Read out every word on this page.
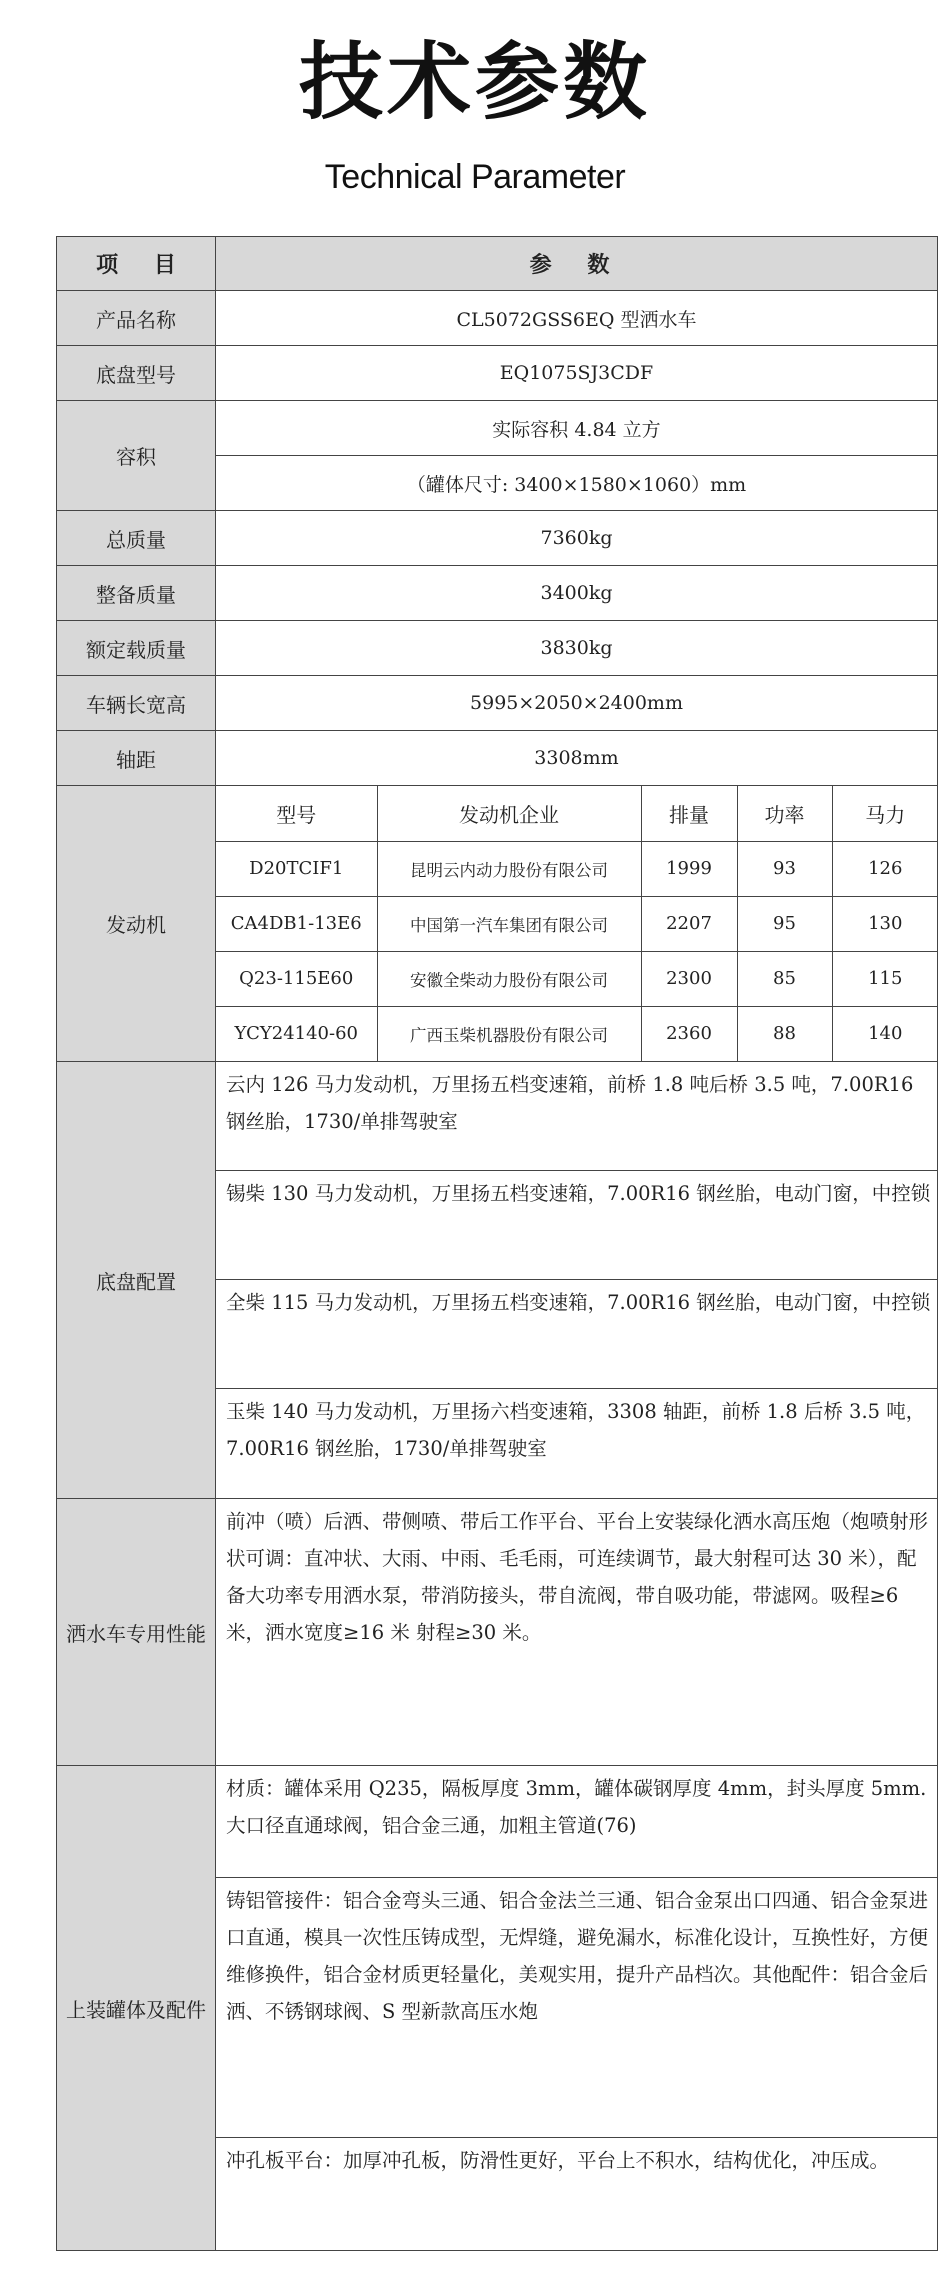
技术参数
Technical Parameter
项 目	参 数
产品名称	CL5072GSS6EQ 型洒水车
底盘型号	EQ1075SJ3CDF
容积	实际容积 4.84 立方
（罐体尺寸: 3400×1580×1060）mm
总质量	7360kg
整备质量	3400kg
额定载质量	3830kg
车辆长宽高	5995×2050×2400mm
轴距	3308mm
发动机	
型号	发动机企业	排量	功率	马力
D20TCIF1	昆明云内动力股份有限公司	1999	93	126
CA4DB1-13E6	中国第一汽车集团有限公司	2207	95	130
Q23-115E60	安徽全柴动力股份有限公司	2300	85	115
YCY24140-60	广西玉柴机器股份有限公司	2360	88	140

底盘配置	云内 126 马力发动机，万里扬五档变速箱，前桥 1.8 吨后桥 3.5 吨，7.00R16 钢丝胎，1730/单排驾驶室
锡柴 130 马力发动机，万里扬五档变速箱，7.00R16 钢丝胎，电动门窗，中控锁
全柴 115 马力发动机，万里扬五档变速箱，7.00R16 钢丝胎，电动门窗，中控锁
玉柴 140 马力发动机，万里扬六档变速箱，3308 轴距，前桥 1.8 后桥 3.5 吨，7.00R16 钢丝胎，1730/单排驾驶室
洒水车专用性能	前冲（喷）后洒、带侧喷、带后工作平台、平台上安装绿化洒水高压炮（炮喷射形状可调：直冲状、大雨、中雨、毛毛雨，可连续调节，最大射程可达 30 米），配备大功率专用洒水泵，带消防接头，带自流阀，带自吸功能，带滤网。吸程≥6 米，洒水宽度≥16 米 射程≥30 米。
上装罐体及配件	材质：罐体采用 Q235，隔板厚度 3mm，罐体碳钢厚度 4mm，封头厚度 5mm. 大口径直通球阀，铝合金三通，加粗主管道(76)
铸铝管接件：铝合金弯头三通、铝合金法兰三通、铝合金泵出口四通、铝合金泵进口直通，模具一次性压铸成型，无焊缝，避免漏水，标准化设计，互换性好，方便维修换件，铝合金材质更轻量化，美观实用，提升产品档次。其他配件：铝合金后洒、不锈钢球阀、S 型新款高压水炮
冲孔板平台：加厚冲孔板，防滑性更好，平台上不积水，结构优化，冲压成。
